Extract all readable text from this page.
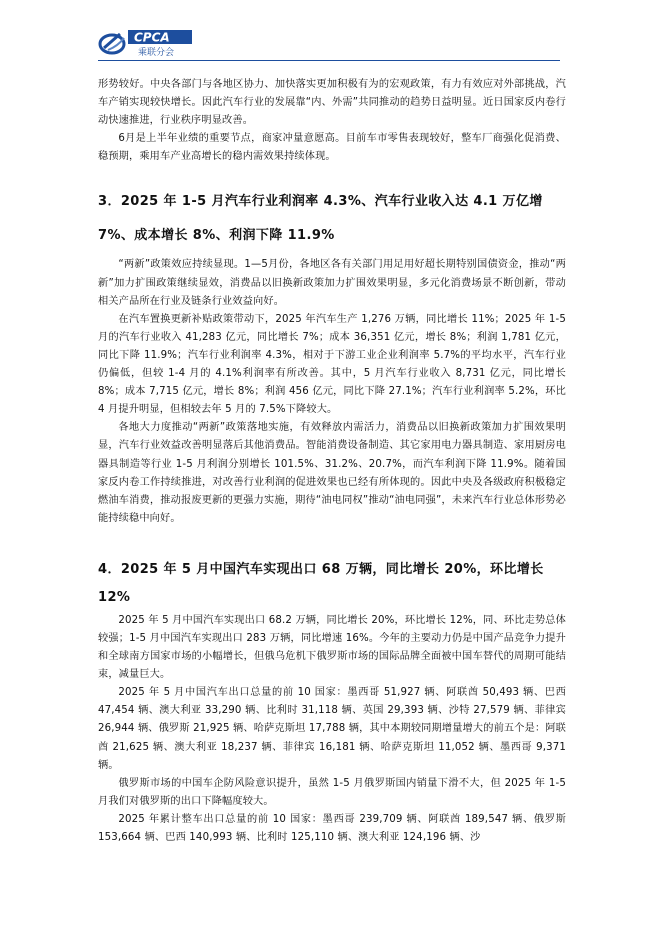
CPCA
乘联分会

形势较好。中央各部门与各地区协力、加快落实更加积极有为的宏观政策，有力有效应对外部挑战，汽车产销实现较快增长。因此汽车行业的发展靠“内、外需”共同推动的趋势日益明显。近日国家反内卷行动快速推进，行业秩序明显改善。

6月是上半年业绩的重要节点，商家冲量意愿高。目前车市零售表现较好，整车厂商强化促消费、稳预期，乘用车产业高增长的稳内需效果持续体现。

3．2025 年 1-5 月汽车行业利润率 4.3%、汽车行业收入达 4.1 万亿增
7%、成本增长 8%、利润下降 11.9%

“两新”政策效应持续显现。1—5月份，各地区各有关部门用足用好超长期特别国债资金，推动“两新”加力扩围政策继续显效，消费品以旧换新政策加力扩围效果明显，多元化消费场景不断创新，带动相关产品所在行业及链条行业效益向好。

在汽车置换更新补贴政策带动下，2025 年汽车生产 1,276 万辆，同比增长 11%；2025 年 1-5 月的汽车行业收入 41,283 亿元，同比增长 7%；成本 36,351 亿元，增长 8%；利润 1,781 亿元，同比下降 11.9%；汽车行业利润率 4.3%，相对于下游工业企业利润率 5.7%的平均水平，汽车行业仍偏低，但较 1-4 月的 4.1%利润率有所改善。其中，5 月汽车行业收入 8,731 亿元，同比增长 8%；成本 7,715 亿元，增长 8%；利润 456 亿元，同比下降 27.1%；汽车行业利润率 5.2%，环比 4 月提升明显，但相较去年 5 月的 7.5%下降较大。

各地大力度推动“两新”政策落地实施，有效释放内需活力，消费品以旧换新政策加力扩围效果明显，汽车行业效益改善明显落后其他消费品。智能消费设备制造、其它家用电力器具制造、家用厨房电器具制造等行业 1-5 月利润分别增长 101.5%、31.2%、20.7%，而汽车利润下降 11.9%。随着国家反内卷工作持续推进，对改善行业利润的促进效果也已经有所体现的。因此中央及各级政府积极稳定燃油车消费，推动报废更新的更强力实施，期待“油电同权”推动“油电同强”，未来汽车行业总体形势必能持续稳中向好。

4．2025 年 5 月中国汽车实现出口 68 万辆，同比增长 20%，环比增长 12%

2025 年 5 月中国汽车实现出口 68.2 万辆，同比增长 20%，环比增长 12%，同、环比走势总体较强；1-5 月中国汽车实现出口 283 万辆，同比增速 16%。今年的主要动力仍是中国产品竞争力提升和全球南方国家市场的小幅增长，但俄乌危机下俄罗斯市场的国际品牌全面被中国车替代的周期可能结束，减量巨大。

2025 年 5 月中国汽车出口总量的前 10 国家：墨西哥 51,927 辆、阿联酋 50,493 辆、巴西 47,454 辆、澳大利亚 33,290 辆、比利时 31,118 辆、英国 29,393 辆、沙特 27,579 辆、菲律宾 26,944 辆、俄罗斯 21,925 辆、哈萨克斯坦 17,788 辆，其中本期较同期增量增大的前五个是：阿联酋 21,625 辆、澳大利亚 18,237 辆、菲律宾 16,181 辆、哈萨克斯坦 11,052 辆、墨西哥 9,371 辆。

俄罗斯市场的中国车企防风险意识提升，虽然 1-5 月俄罗斯国内销量下滑不大，但 2025 年 1-5 月我们对俄罗斯的出口下降幅度较大。

2025 年累计整车出口总量的前 10 国家：墨西哥 239,709 辆、阿联酋 189,547 辆、俄罗斯 153,664 辆、巴西 140,993 辆、比利时 125,110 辆、澳大利亚 124,196 辆、沙
